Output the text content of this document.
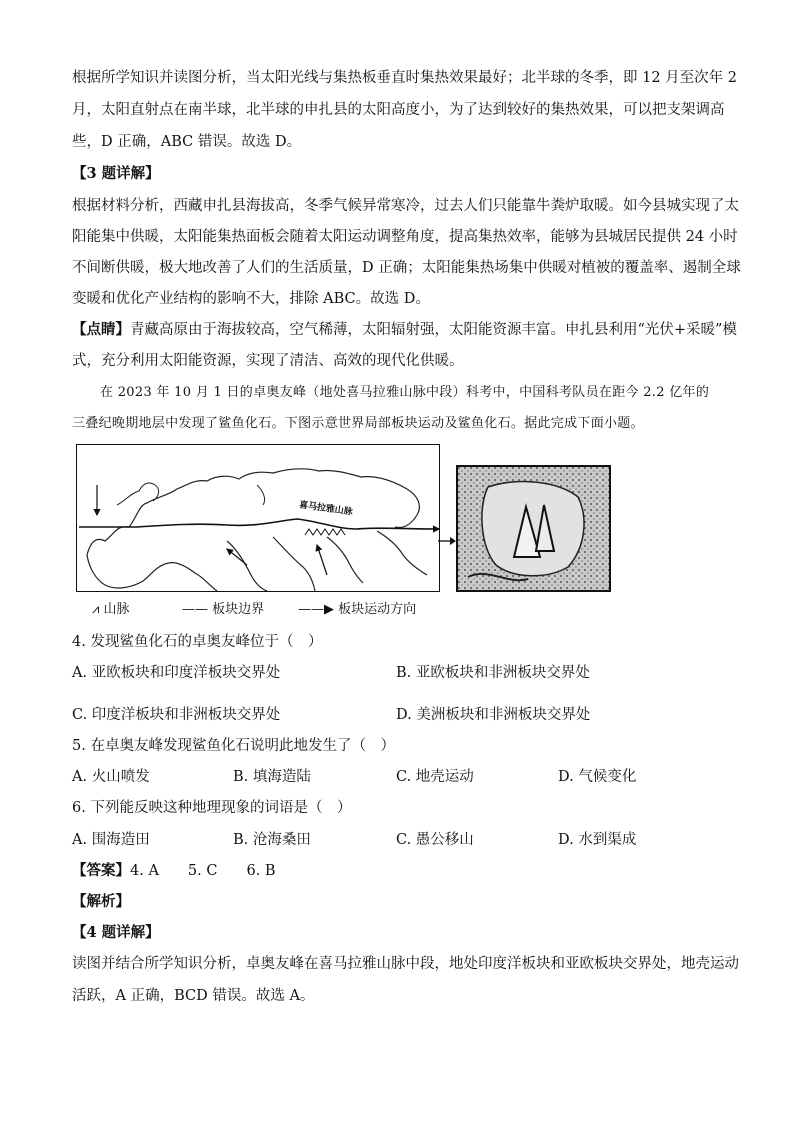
根据所学知识并读图分析，当太阳光线与集热板垂直时集热效果最好；北半球的冬季，即 12 月至次年 2
月，太阳直射点在南半球，北半球的申扎县的太阳高度小，为了达到较好的集热效果，可以把支架调高
些，D 正确，ABC 错误。故选 D。
【3 题详解】
根据材料分析，西藏申扎县海拔高，冬季气候异常寒冷，过去人们只能靠牛粪炉取暖。如今县城实现了太
阳能集中供暖，太阳能集热面板会随着太阳运动调整角度，提高集热效率，能够为县城居民提供 24 小时
不间断供暖，极大地改善了人们的生活质量，D 正确；太阳能集热场集中供暖对植被的覆盖率、遏制全球
变暖和优化产业结构的影响不大，排除 ABC。故选 D。
【点睛】青藏高原由于海拔较高，空气稀薄，太阳辐射强，太阳能资源丰富。申扎县利用“光伏+采暖”模
式，充分利用太阳能资源，实现了清洁、高效的现代化供暖。
在 2023 年 10 月 1 日的卓奥友峰（地处喜马拉雅山脉中段）科考中，中国科考队员在距今 2.2 亿年的
三叠纪晚期地层中发现了鲨鱼化石。下图示意世界局部板块运动及鲨鱼化石。据此完成下面小题。
喜马拉雅山脉
⩘ 山脉	—— 板块边界	——▶ 板块运动方向
4. 发现鲨鱼化石的卓奥友峰位于（　）
A. 亚欧板块和印度洋板块交界处	B. 亚欧板块和非洲板块交界处
C. 印度洋板块和非洲板块交界处	D. 美洲板块和非洲板块交界处
5. 在卓奥友峰发现鲨鱼化石说明此地发生了（　）
A. 火山喷发	B. 填海造陆	C. 地壳运动	D. 气候变化
6. 下列能反映这种地理现象的词语是（　）
A. 围海造田	B. 沧海桑田	C. 愚公移山	D. 水到渠成
【答案】4. A　　5. C　　6. B
【解析】
【4 题详解】
读图并结合所学知识分析，卓奥友峰在喜马拉雅山脉中段，地处印度洋板块和亚欧板块交界处，地壳运动
活跃，A 正确，BCD 错误。故选 A。
